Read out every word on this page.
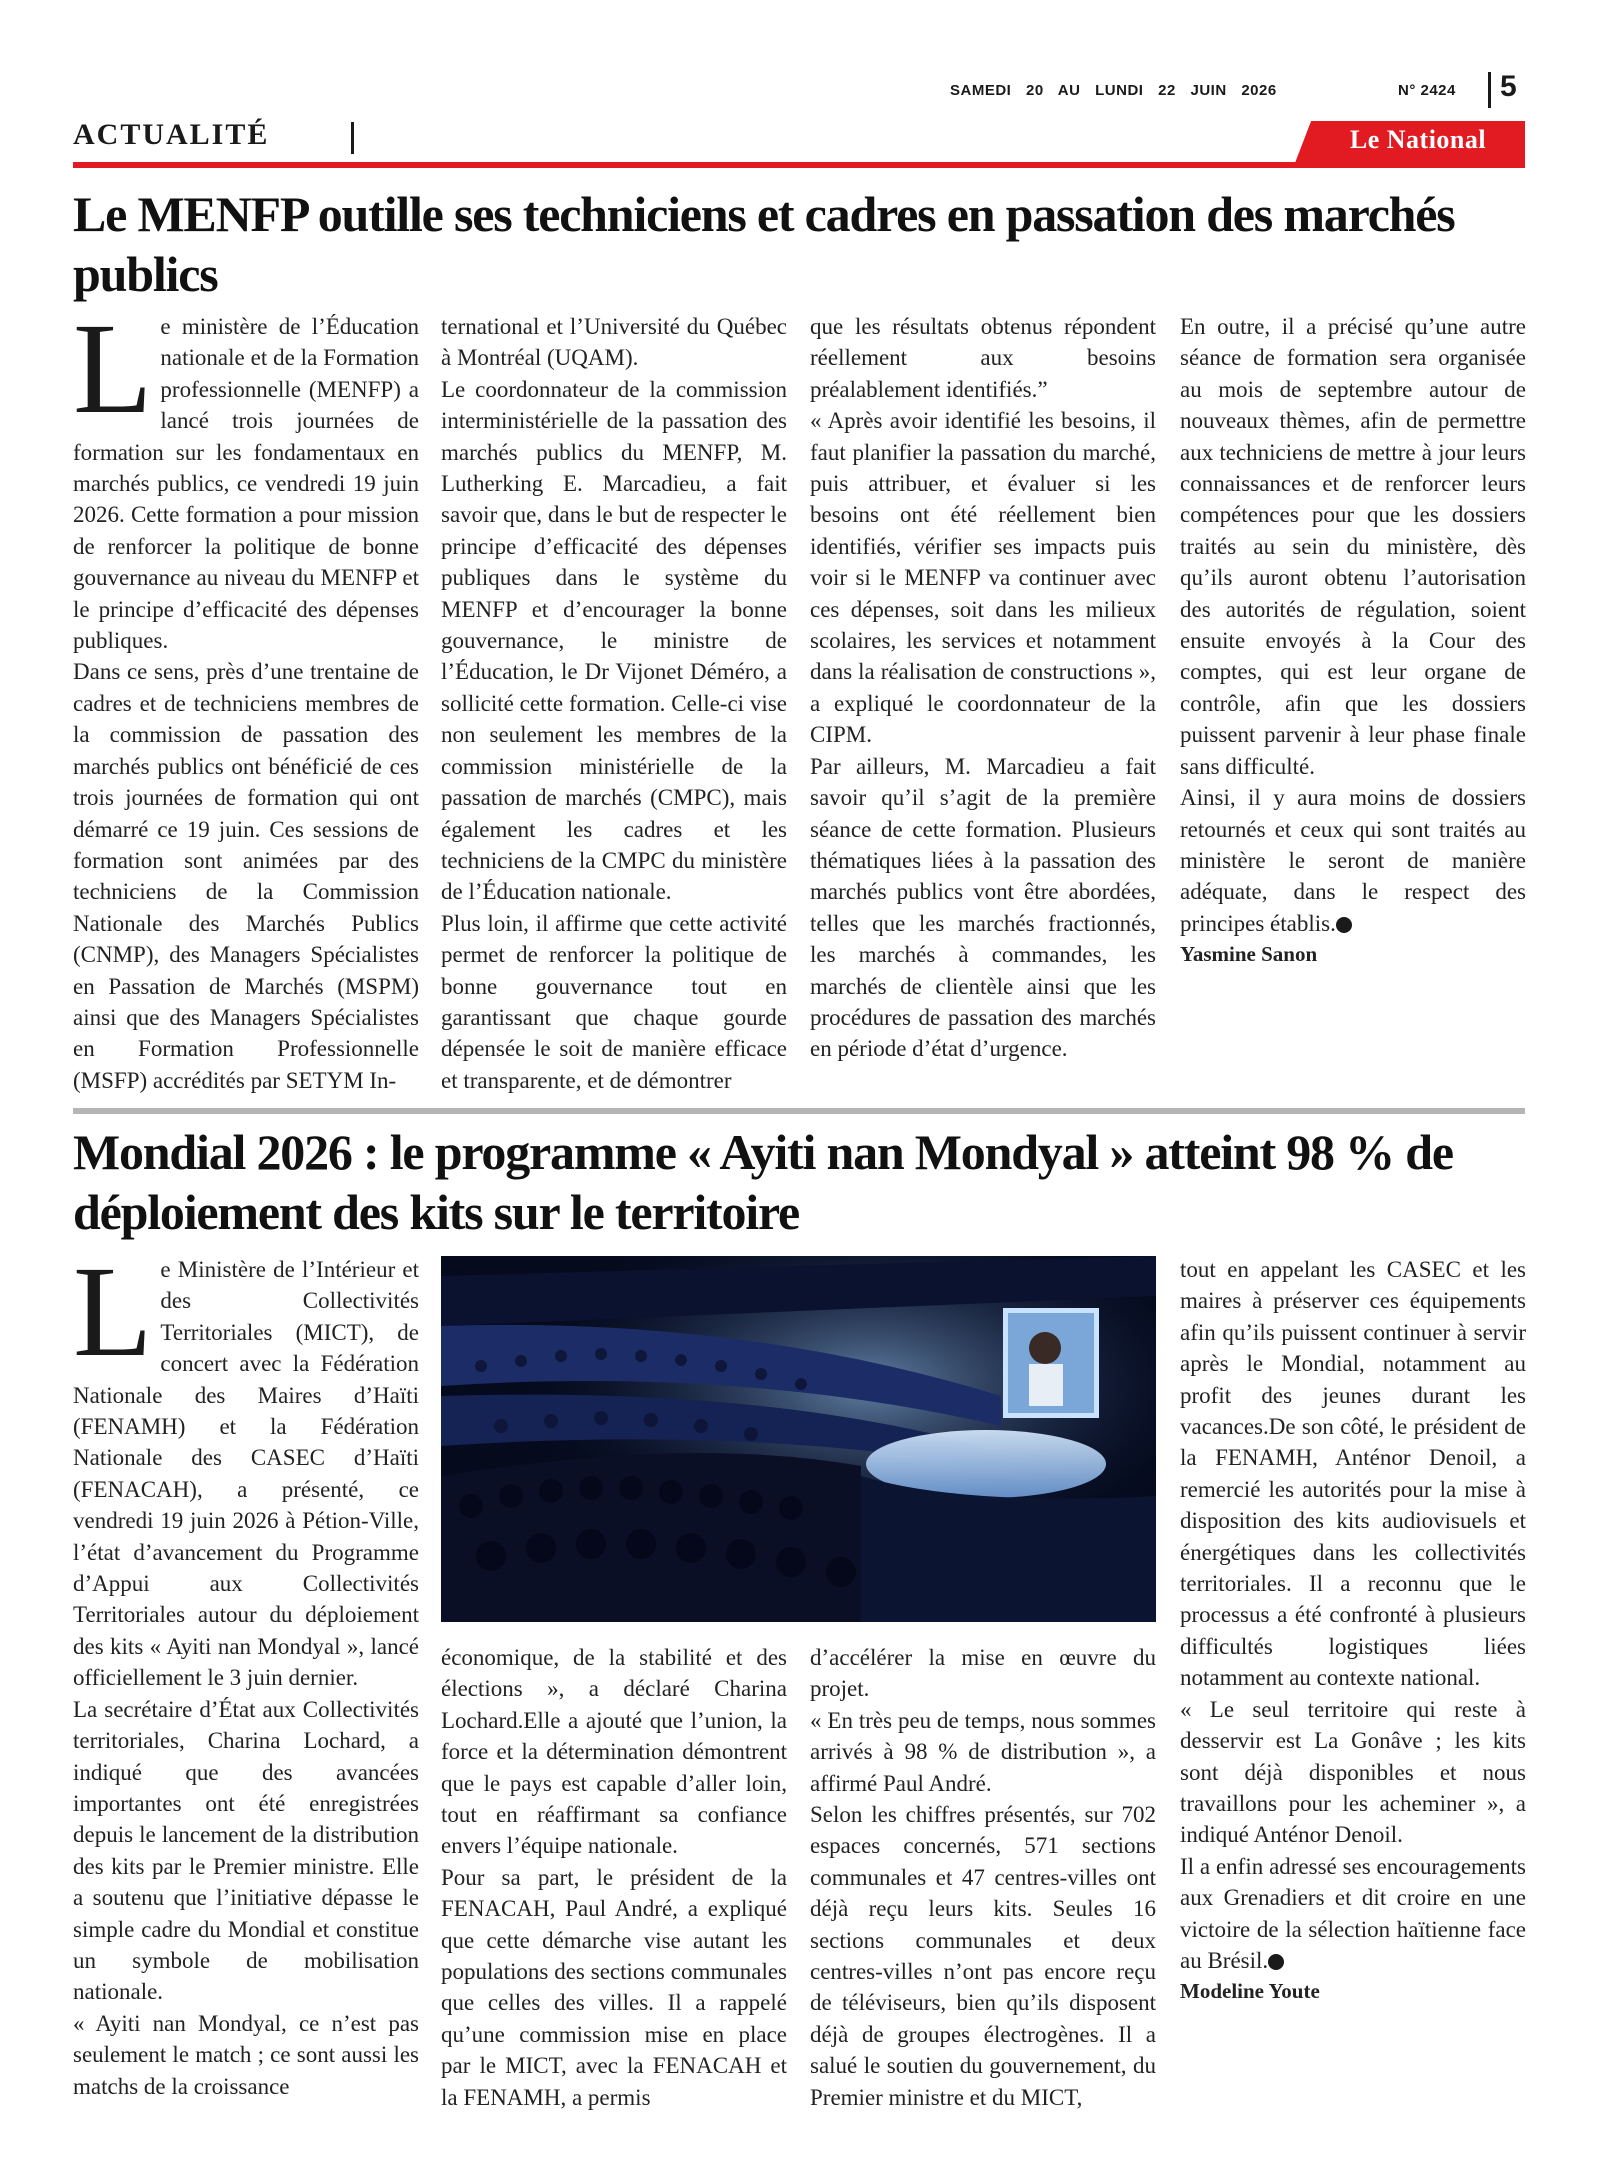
SAMEDI 20 AU LUNDI 22 JUIN 2026	N° 2424 5
ACTUALITÉ	Le National
Le MENFP outille ses techniciens et cadres en passation des marchés publics
L e ministère de l’Éducation nationale et de la Formation professionnelle (MENFP) a lancé trois journées de formation sur les fondamentaux en marchés publics, ce vendredi 19 juin 2026. Cette formation a pour mission de renforcer la politique de bonne gouvernance au niveau du MENFP et le principe d’efficacité des dépenses publiques.

Dans ce sens, près d’une trentaine de cadres et de techniciens membres de la commission de passation des marchés publics ont bénéficié de ces trois journées de formation qui ont démarré ce 19 juin. Ces sessions de formation sont animées par des techniciens de la Commission Nationale des Marchés Publics (CNMP), des Managers Spécialistes en Passation de Marchés (MSPM) ainsi que des Managers Spécialistes en Formation Professionnelle (MSFP) accrédités par SETYM In-

ternational et l’Université du Québec à Montréal (UQAM).

Le coordonnateur de la commission interministérielle de la passation des marchés publics du MENFP, M. Lutherking E. Marcadieu, a fait savoir que, dans le but de respecter le principe d’efficacité des dépenses publiques dans le système du MENFP et d’encourager la bonne gouvernance, le ministre de l’Éducation, le Dr Vijonet Déméro, a sollicité cette formation. Celle-ci vise non seulement les membres de la commission ministérielle de la passation de marchés (CMPC), mais également les cadres et les techniciens de la CMPC du ministère de l’Éducation nationale.

Plus loin, il affirme que cette activité permet de renforcer la politique de bonne gouvernance tout en garantissant que chaque gourde dépensée le soit de manière efficace et transparente, et de démontrer

que les résultats obtenus répondent réellement aux besoins préalablement identifiés.”

« Après avoir identifié les besoins, il faut planifier la passation du marché, puis attribuer, et évaluer si les besoins ont été réellement bien identifiés, vérifier ses impacts puis voir si le MENFP va continuer avec ces dépenses, soit dans les milieux scolaires, les services et notamment dans la réalisation de constructions », a expliqué le coordonnateur de la CIPM.

Par ailleurs, M. Marcadieu a fait savoir qu’il s’agit de la première séance de cette formation. Plusieurs thématiques liées à la passation des marchés publics vont être abordées, telles que les marchés fractionnés, les marchés à commandes, les marchés de clientèle ainsi que les procédures de passation des marchés en période d’état d’urgence.

En outre, il a précisé qu’une autre séance de formation sera organisée au mois de septembre autour de nouveaux thèmes, afin de permettre aux techniciens de mettre à jour leurs connaissances et de renforcer leurs compétences pour que les dossiers traités au sein du ministère, dès qu’ils auront obtenu l’autorisation des autorités de régulation, soient ensuite envoyés à la Cour des comptes, qui est leur organe de contrôle, afin que les dossiers puissent parvenir à leur phase finale sans difficulté.

Ainsi, il y aura moins de dossiers retournés et ceux qui sont traités au ministère le seront de manière adéquate, dans le respect des principes établis.

Yasmine Sanon

Mondial 2026 : le programme « Ayiti nan Mondyal » atteint 98 % de déploiement des kits sur le territoire
L e Ministère de l’Intérieur et des Collectivités Territoriales (MICT), de concert avec la Fédération Nationale des Maires d’Haïti (FENAMH) et la Fédération Nationale des CASEC d’Haïti (FENACAH), a présenté, ce vendredi 19 juin 2026 à Pétion-Ville, l’état d’avancement du Programme d’Appui aux Collectivités Territoriales autour du déploiement des kits « Ayiti nan Mondyal », lancé officiellement le 3 juin dernier.

La secrétaire d’État aux Collectivités territoriales, Charina Lochard, a indiqué que des avancées importantes ont été enregistrées depuis le lancement de la distribution des kits par le Premier ministre. Elle a soutenu que l’initiative dépasse le simple cadre du Mondial et constitue un symbole de mobilisation nationale.

« Ayiti nan Mondyal, ce n’est pas seulement le match ; ce sont aussi les matchs de la croissance

économique, de la stabilité et des élections », a déclaré Charina Lochard.Elle a ajouté que l’union, la force et la détermination démontrent que le pays est capable d’aller loin, tout en réaffirmant sa confiance envers l’équipe nationale.

Pour sa part, le président de la FENACAH, Paul André, a expliqué que cette démarche vise autant les populations des sections communales que celles des villes. Il a rappelé qu’une commission mise en place par le MICT, avec la FENACAH et la FENAMH, a permis

d’accélérer la mise en œuvre du projet.

« En très peu de temps, nous sommes arrivés à 98 % de distribution », a affirmé Paul André.

Selon les chiffres présentés, sur 702 espaces concernés, 571 sections communales et 47 centres-villes ont déjà reçu leurs kits. Seules 16 sections communales et deux centres-villes n’ont pas encore reçu de téléviseurs, bien qu’ils disposent déjà de groupes électrogènes. Il a salué le soutien du gouvernement, du Premier ministre et du MICT,

tout en appelant les CASEC et les maires à préserver ces équipements afin qu’ils puissent continuer à servir après le Mondial, notamment au profit des jeunes durant les vacances.De son côté, le président de la FENAMH, Anténor Denoil, a remercié les autorités pour la mise à disposition des kits audiovisuels et énergétiques dans les collectivités territoriales. Il a reconnu que le processus a été confronté à plusieurs difficultés logistiques liées notamment au contexte national.

« Le seul territoire qui reste à desservir est La Gonâve ; les kits sont déjà disponibles et nous travaillons pour les acheminer », a indiqué Anténor Denoil.

Il a enfin adressé ses encouragements aux Grenadiers et dit croire en une victoire de la sélection haïtienne face au Brésil.

Modeline Youte
